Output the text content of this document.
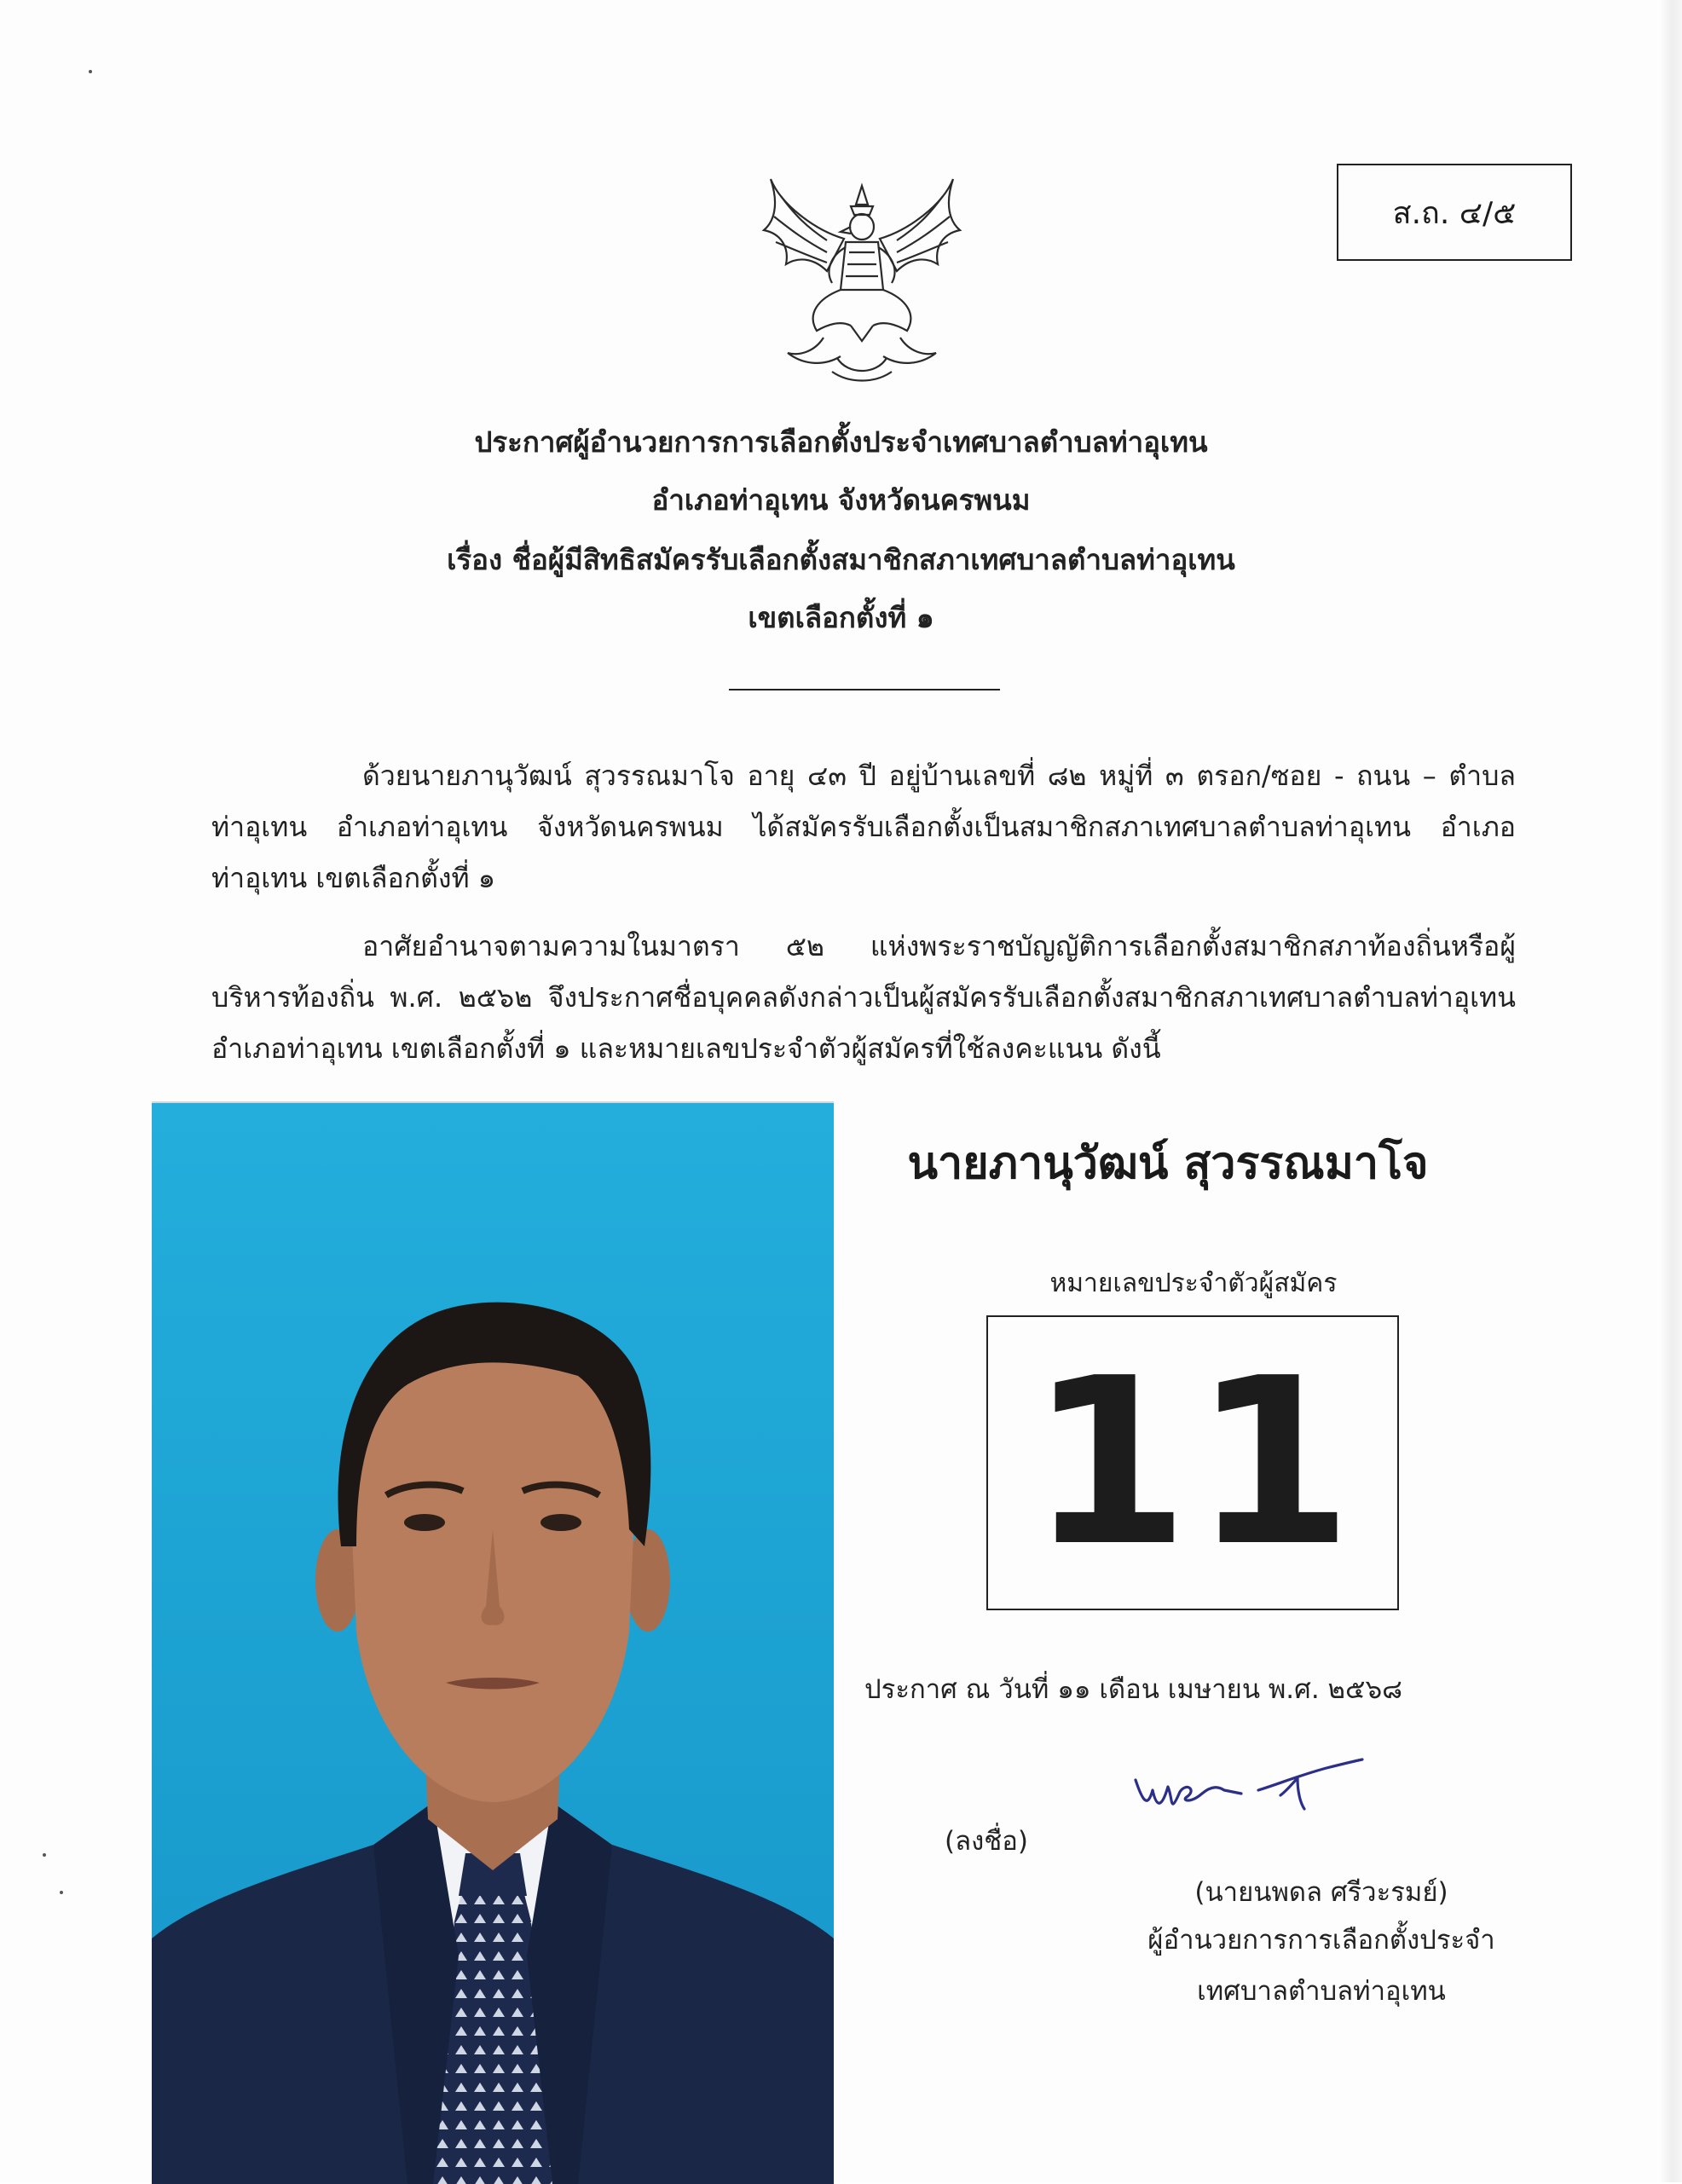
ส.ถ. ๔/๕
ประกาศผู้อำนวยการการเลือกตั้งประจำเทศบาลตำบลท่าอุเทน
อำเภอท่าอุเทน จังหวัดนครพนม
เรื่อง ชื่อผู้มีสิทธิสมัครรับเลือกตั้งสมาชิกสภาเทศบาลตำบลท่าอุเทน
เขตเลือกตั้งที่ ๑
ด้วยนายภานุวัฒน์ สุวรรณมาโจ อายุ ๔๓ ปี อยู่บ้านเลขที่ ๘๒ หมู่ที่ ๓ ตรอก/ซอย - ถนน – ตำบลท่าอุเทน อำเภอท่าอุเทน จังหวัดนครพนม ได้สมัครรับเลือกตั้งเป็นสมาชิกสภาเทศบาลตำบลท่าอุเทน อำเภอท่าอุเทน เขตเลือกตั้งที่ ๑
อาศัยอำนาจตามความในมาตรา ๕๒ แห่งพระราชบัญญัติการเลือกตั้งสมาชิกสภาท้องถิ่นหรือผู้บริหารท้องถิ่น พ.ศ. ๒๕๖๒ จึงประกาศชื่อบุคคลดังกล่าวเป็นผู้สมัครรับเลือกตั้งสมาชิกสภาเทศบาลตำบลท่าอุเทน อำเภอท่าอุเทน เขตเลือกตั้งที่ ๑ และหมายเลขประจำตัวผู้สมัครที่ใช้ลงคะแนน ดังนี้
นายภานุวัฒน์ สุวรรณมาโจ
หมายเลขประจำตัวผู้สมัคร
11
ประกาศ ณ วันที่ ๑๑ เดือน เมษายน พ.ศ. ๒๕๖๘
(ลงชื่อ)
(นายนพดล ศรีวะรมย์)
ผู้อำนวยการการเลือกตั้งประจำ
เทศบาลตำบลท่าอุเทน
